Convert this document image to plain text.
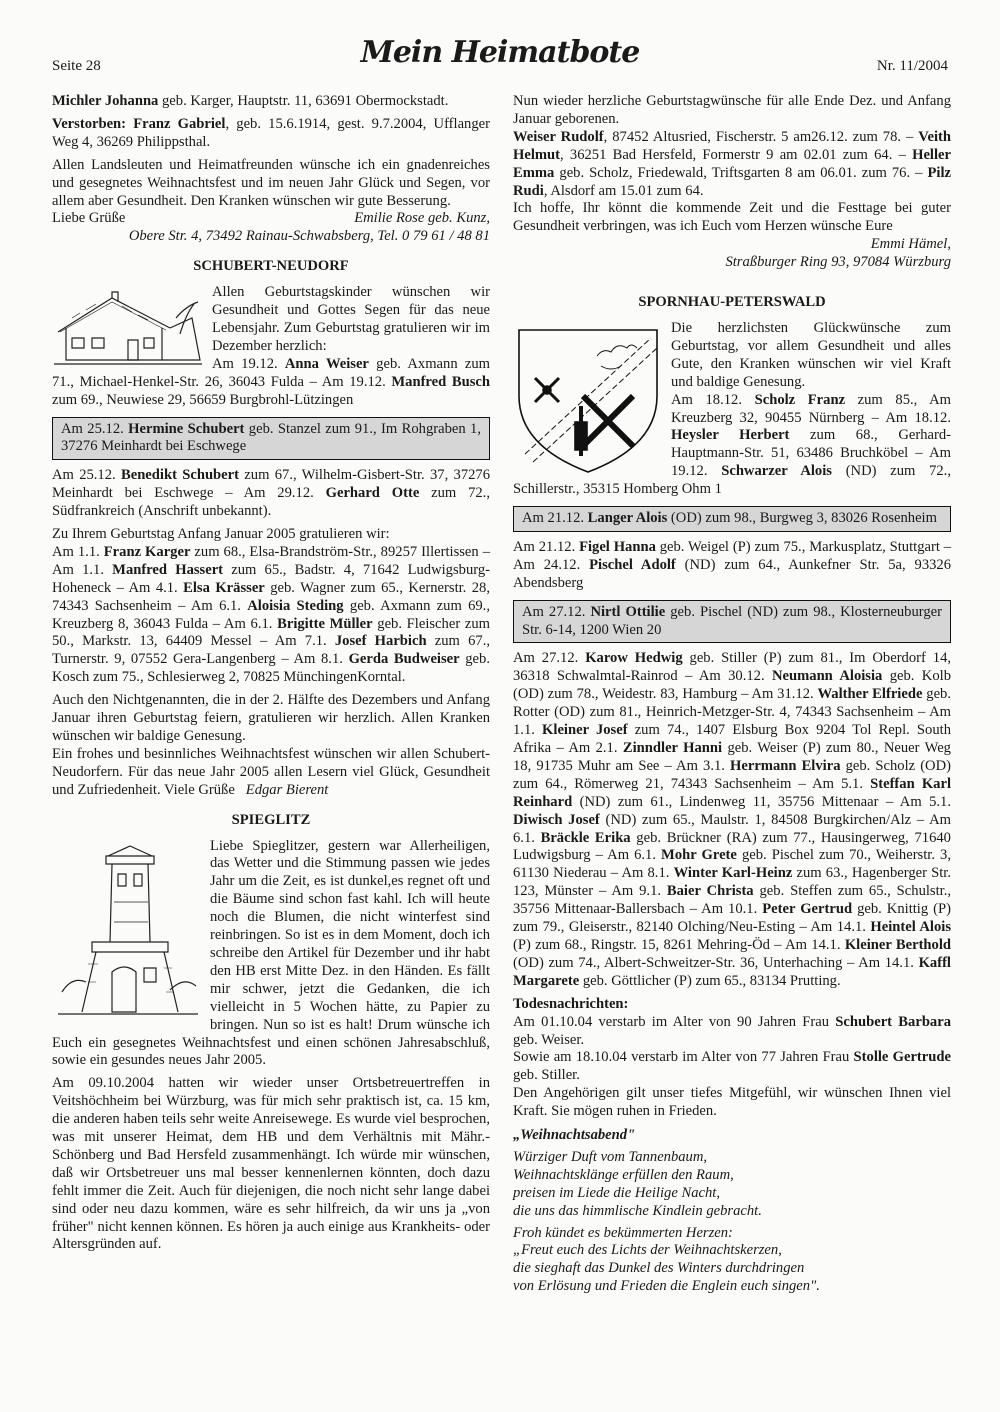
Seite 28	Mein Heimatbote	Nr. 11/2004

Michler Johanna geb. Karger, Hauptstr. 11, 63691 Obermockstadt.

Verstorben: Franz Gabriel, geb. 15.6.1914, gest. 9.7.2004, Ufflanger Weg 4, 36269 Philippsthal.

Allen Landsleuten und Heimatfreunden wünsche ich ein gnadenreiches und gesegnetes Weihnachtsfest und im neuen Jahr Glück und Segen, vor allem aber Gesundheit. Den Kranken wünschen wir gute Besserung.

Liebe Grüße	Emilie Rose geb. Kunz,

Obere Str. 4, 73492 Rainau-Schwabsberg, Tel. 0 79 61 / 48 81

SCHUBERT-NEUDORF

Allen Geburtstagskinder wünschen wir Gesundheit und Gottes Segen für das neue Lebensjahr. Zum Geburtstag gratulieren wir im Dezember herzlich:

Am 19.12. Anna Weiser geb. Axmann zum 71., Michael-Henkel-Str. 26, 36043 Fulda – Am 19.12. Manfred Busch zum 69., Neuwiese 29, 56659 Burgbrohl-Lützingen

Am 25.12. Hermine Schubert geb. Stanzel zum 91., Im Rohgraben 1, 37276 Meinhardt bei Eschwege

Am 25.12. Benedikt Schubert zum 67., Wilhelm-Gisbert-Str. 37, 37276 Meinhardt bei Eschwege – Am 29.12. Gerhard Otte zum 72., Südfrankreich (Anschrift unbekannt).

Zu Ihrem Geburtstag Anfang Januar 2005 gratulieren wir:

Am 1.1. Franz Karger zum 68., Elsa-Brandström-Str., 89257 Illertissen – Am 1.1. Manfred Hassert zum 65., Badstr. 4, 71642 Ludwigsburg-Hoheneck – Am 4.1. Elsa Krässer geb. Wagner zum 65., Kernerstr. 28, 74343 Sachsenheim – Am 6.1. Aloisia Steding geb. Axmann zum 69., Kreuzberg 8, 36043 Fulda – Am 6.1. Brigitte Müller geb. Fleischer zum 50., Markstr. 13, 64409 Messel – Am 7.1. Josef Harbich zum 67., Turnerstr. 9, 07552 Gera-Langenberg – Am 8.1. Gerda Budweiser geb. Kosch zum 75., Schlesierweg 2, 70825 MünchingenKorntal.

Auch den Nichtgenannten, die in der 2. Hälfte des Dezembers und Anfang Januar ihren Geburtstag feiern, gratulieren wir herzlich. Allen Kranken wünschen wir baldige Genesung.

Ein frohes und besinnliches Weihnachtsfest wünschen wir allen Schubert-Neudorfern. Für das neue Jahr 2005 allen Lesern viel Glück, Gesundheit und Zufriedenheit. Viele Grüße Edgar Bierent

SPIEGLITZ

Liebe Spieglitzer, gestern war Allerheiligen, das Wetter und die Stimmung passen wie jedes Jahr um die Zeit, es ist dunkel,es regnet oft und die Bäume sind schon fast kahl. Ich will heute noch die Blumen, die nicht winterfest sind reinbringen. So ist es in dem Moment, doch ich schreibe den Artikel für Dezember und ihr habt den HB erst Mitte Dez. in den Händen. Es fällt mir schwer, jetzt die Gedanken, die ich vielleicht in 5 Wochen hätte, zu Papier zu bringen. Nun so ist es halt! Drum wünsche ich Euch ein gesegnetes Weihnachtsfest und einen schönen Jahresabschluß, sowie ein gesundes neues Jahr 2005.

Am 09.10.2004 hatten wir wieder unser Ortsbetreuertreffen in Veitshöchheim bei Würzburg, was für mich sehr praktisch ist, ca. 15 km, die anderen haben teils sehr weite Anreisewege. Es wurde viel besprochen, was mit unserer Heimat, dem HB und dem Verhältnis mit Mähr.-Schönberg und Bad Hersfeld zusammenhängt. Ich würde mir wünschen, daß wir Ortsbetreuer uns mal besser kennenlernen könnten, doch dazu fehlt immer die Zeit. Auch für diejenigen, die noch nicht sehr lange dabei sind oder neu dazu kommen, wäre es sehr hilfreich, da wir uns ja „von früher" nicht kennen können. Es hören ja auch einige aus Krankheits- oder Altersgründen auf.

Nun wieder herzliche Geburtstagwünsche für alle Ende Dez. und Anfang Januar geborenen.

Weiser Rudolf, 87452 Altusried, Fischerstr. 5 am26.12. zum 78. – Veith Helmut, 36251 Bad Hersfeld, Formerstr 9 am 02.01 zum 64. – Heller Emma geb. Scholz, Friedewald, Triftsgarten 8 am 06.01. zum 76. – Pilz Rudi, Alsdorf am 15.01 zum 64.

Ich hoffe, Ihr könnt die kommende Zeit und die Festtage bei guter Gesundheit verbringen, was ich Euch vom Herzen wünsche Eure

Emmi Hämel,

Straßburger Ring 93, 97084 Würzburg

SPORNHAU-PETERSWALD

Die herzlichsten Glückwünsche zum Geburtstag, vor allem Gesundheit und alles Gute, den Kranken wünschen wir viel Kraft und baldige Genesung.

Am 18.12. Scholz Franz zum 85., Am Kreuzberg 32, 90455 Nürnberg – Am 18.12. Heysler Herbert zum 68., Gerhard-Hauptmann-Str. 51, 63486 Bruchköbel – Am 19.12. Schwarzer Alois (ND) zum 72., Schillerstr., 35315 Homberg Ohm 1

Am 21.12. Langer Alois (OD) zum 98., Burgweg 3, 83026 Rosenheim

Am 21.12. Figel Hanna geb. Weigel (P) zum 75., Markusplatz, Stuttgart – Am 24.12. Pischel Adolf (ND) zum 64., Aunkefner Str. 5a, 93326 Abendsberg

Am 27.12. Nirtl Ottilie geb. Pischel (ND) zum 98., Klosterneuburger Str. 6-14, 1200 Wien 20

Am 27.12. Karow Hedwig geb. Stiller (P) zum 81., Im Oberdorf 14, 36318 Schwalmtal-Rainrod – Am 30.12. Neumann Aloisia geb. Kolb (OD) zum 78., Weidestr. 83, Hamburg – Am 31.12. Walther Elfriede geb. Rotter (OD) zum 81., Heinrich-Metzger-Str. 4, 74343 Sachsenheim – Am 1.1. Kleiner Josef zum 74., 1407 Elsburg Box 9204 Tol Repl. South Afrika – Am 2.1. Zinndler Hanni geb. Weiser (P) zum 80., Neuer Weg 18, 91735 Muhr am See – Am 3.1. Herrmann Elvira geb. Scholz (OD) zum 64., Römerweg 21, 74343 Sachsenheim – Am 5.1. Steffan Karl Reinhard (ND) zum 61., Lindenweg 11, 35756 Mittenaar – Am 5.1. Diwisch Josef (ND) zum 65., Maulstr. 1, 84508 Burgkirchen/Alz – Am 6.1. Bräckle Erika geb. Brückner (RA) zum 77., Hausingerweg, 71640 Ludwigsburg – Am 6.1. Mohr Grete geb. Pischel zum 70., Weiherstr. 3, 61130 Niederau – Am 8.1. Winter Karl-Heinz zum 63., Hagenberger Str. 123, Münster – Am 9.1. Baier Christa geb. Steffen zum 65., Schulstr., 35756 Mittenaar-Ballersbach – Am 10.1. Peter Gertrud geb. Knittig (P) zum 79., Gleiserstr., 82140 Olching/Neu-Esting – Am 14.1. Heintel Alois (P) zum 68., Ringstr. 15, 8261 Mehring-Öd – Am 14.1. Kleiner Berthold (OD) zum 74., Albert-Schweitzer-Str. 36, Unterhaching – Am 14.1. Kaffl Margarete geb. Göttlicher (P) zum 65., 83134 Prutting.

Todesnachrichten:

Am 01.10.04 verstarb im Alter von 90 Jahren Frau Schubert Barbara geb. Weiser.

Sowie am 18.10.04 verstarb im Alter von 77 Jahren Frau Stolle Gertrude geb. Stiller.

Den Angehörigen gilt unser tiefes Mitgefühl, wir wünschen Ihnen viel Kraft. Sie mögen ruhen in Frieden.

„Weihnachtsabend"

Würziger Duft vom Tannenbaum,

Weihnachtsklänge erfüllen den Raum,

preisen im Liede die Heilige Nacht,

die uns das himmlische Kindlein gebracht.

Froh kündet es bekümmerten Herzen:

„Freut euch des Lichts der Weihnachtskerzen,

die sieghaft das Dunkel des Winters durchdringen

von Erlösung und Frieden die Englein euch singen".
